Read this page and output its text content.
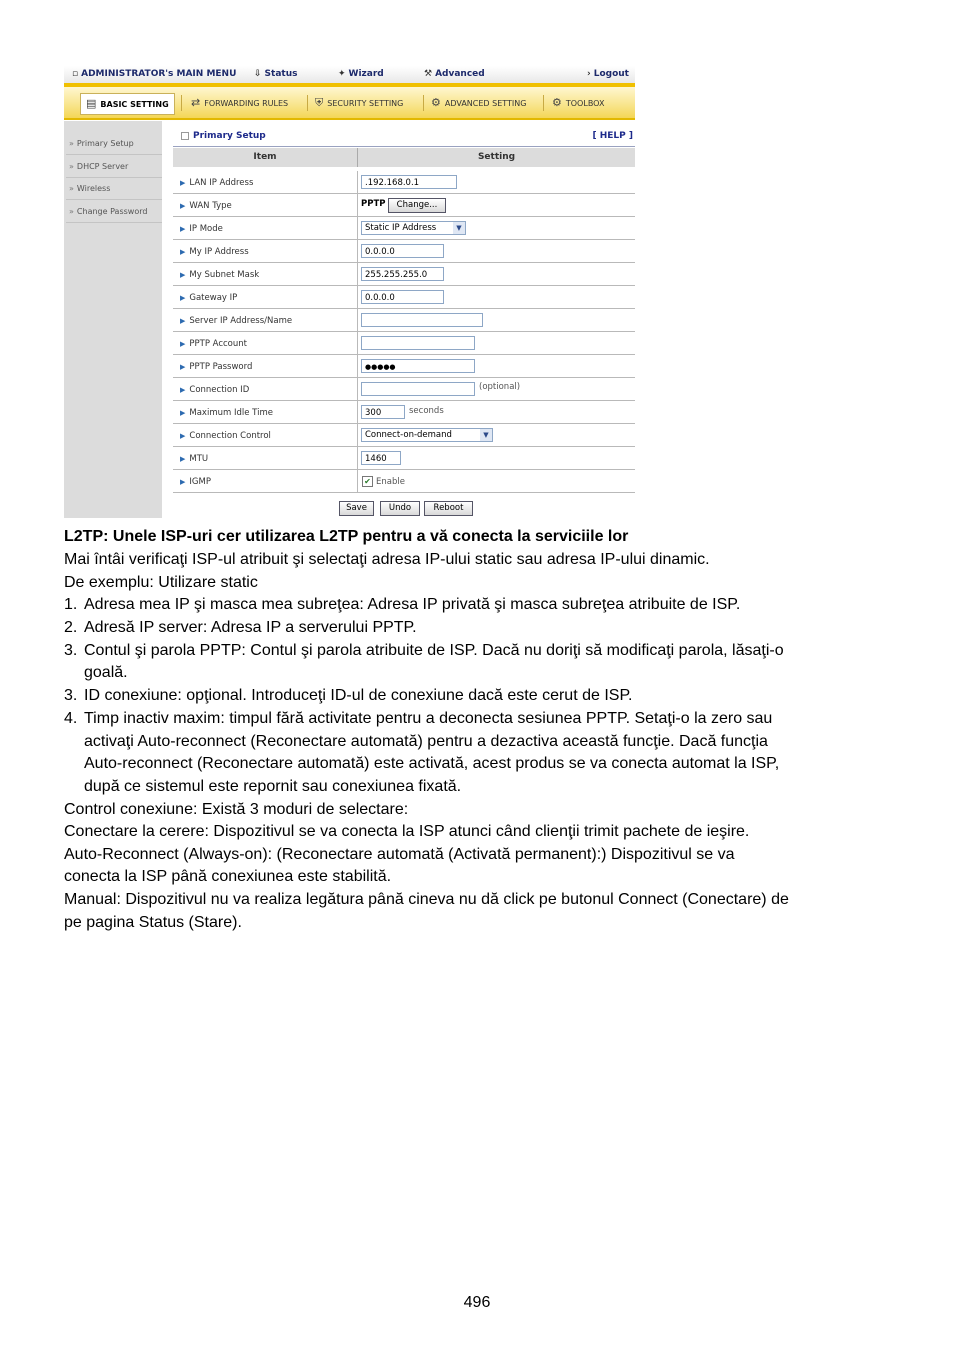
▫ ADMINISTRATOR's MAIN MENU ⇩ Status	✦ Wizard	⚒ Advanced	› Logout
▤ BASIC SETTING	⇄ FORWARDING RULES	⛨ SECURITY SETTING	⚙ ADVANCED SETTING	⚙ TOOLBOX
» Primary Setup
» DHCP Server
» Wireless
» Change Password
Primary Setup	[ HELP ]
Item	Setting
▶ LAN IP Address	.192.168.0.1
▶ WAN Type	PPTP	Change...
▶ IP Mode	Static IP Address	▼
▶ My IP Address	0.0.0.0
▶ My Subnet Mask	255.255.255.0
▶ Gateway IP	0.0.0.0
▶ Server IP Address/Name
▶ PPTP Account
▶ PPTP Password	●●●●●
▶ Connection ID	(optional)
▶ Maximum Idle Time	300	seconds
▶ Connection Control	Connect-on-demand	▼
▶ MTU	1460
▶ IGMP	✔ Enable
Save	Undo	Reboot
L2TP: Unele ISP-uri cer utilizarea L2TP pentru a vă conecta la serviciile lor
Mai întâi verificaţi ISP-ul atribuit şi selectaţi adresa IP-ului static sau adresa IP-ului dinamic.
De exemplu: Utilizare static
1. Adresa mea IP şi masca mea subreţea: Adresa IP privată şi masca subreţea atribuite de ISP.
2. Adresă IP server: Adresa IP a serverului PPTP.
3. Contul şi parola PPTP: Contul şi parola atribuite de ISP. Dacă nu doriţi să modificaţi parola, lăsaţi-o
goală.
3. ID conexiune: opţional. Introduceţi ID-ul de conexiune dacă este cerut de ISP.
4. Timp inactiv maxim: timpul fără activitate pentru a deconecta sesiunea PPTP. Setaţi-o la zero sau
activaţi Auto-reconnect (Reconectare automată) pentru a dezactiva această funcţie. Dacă funcţia
Auto-reconnect (Reconectare automată) este activată, acest produs se va conecta automat la ISP,
după ce sistemul este repornit sau conexiunea fixată.
Control conexiune: Există 3 moduri de selectare:
Conectare la cerere: Dispozitivul se va conecta la ISP atunci când clienţii trimit pachete de ieşire.
Auto-Reconnect (Always-on): (Reconectare automată (Activată permanent):) Dispozitivul se va
conecta la ISP până conexiunea este stabilită.
Manual: Dispozitivul nu va realiza legătura până cineva nu dă click pe butonul Connect (Conectare) de
pe pagina Status (Stare).
496
